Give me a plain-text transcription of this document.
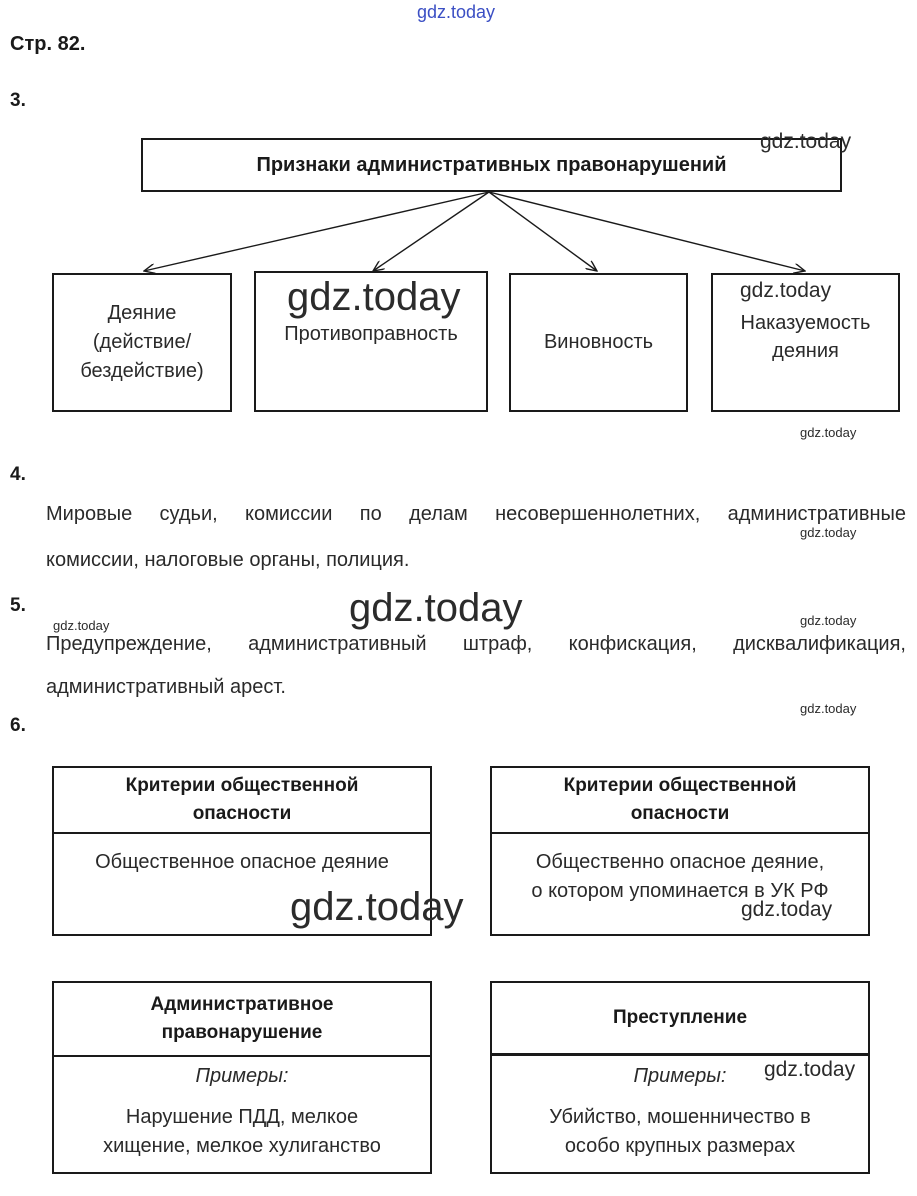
gdz.today
Стр. 82.
3.
Признаки административных правонарушений
gdz.today
Деяние
(действие/
бездействие)
Противоправность	Виновность
Наказуемость
деяния
gdz.today	gdz.today
gdz.today
4.
Мировые судьи, комиссии по делам несовершеннолетних, административные
комиссии, налоговые органы, полиция.
gdz.today
5.
gdz.today	gdz.today	gdz.today
Предупреждение, административный штраф, конфискация, дисквалификация,
административный арест.
gdz.today
6.
Критерии общественной
опасности
Общественное опасное деяние
Критерии общественной
опасности
Общественно опасное деяние,
о котором упоминается в УК РФ
gdz.today	gdz.today
Административное
правонарушение
Примеры:
Нарушение ПДД, мелкое
хищение, мелкое хулиганство
Преступление
Примеры:
Убийство, мошенничество в
особо крупных размерах
gdz.today
